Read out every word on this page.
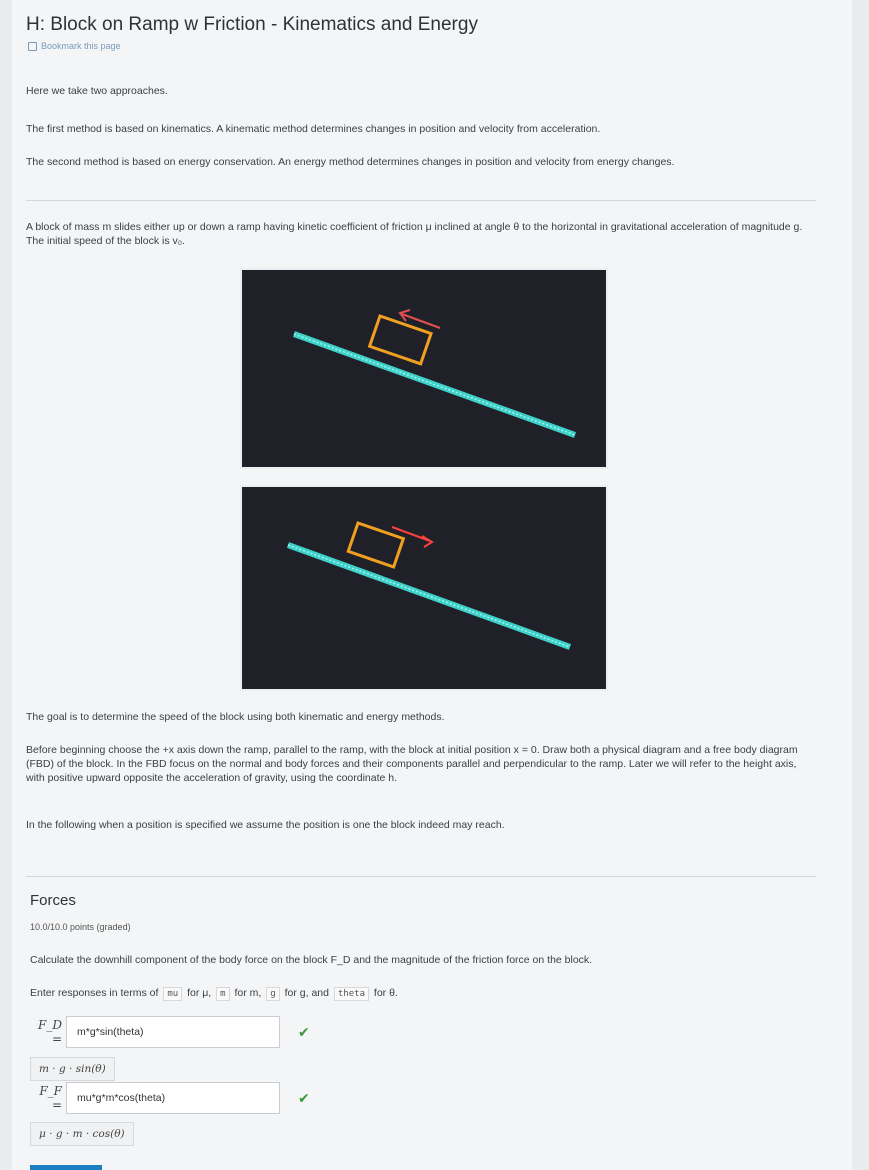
H: Block on Ramp w Friction - Kinematics and Energy
Bookmark this page
Here we take two approaches.
The first method is based on kinematics. A kinematic method determines changes in position and velocity from acceleration.
The second method is based on energy conservation. An energy method determines changes in position and velocity from energy changes.
A block of mass m slides either up or down a ramp having kinetic coefficient of friction μ inclined at angle θ to the horizontal in gravitational acceleration of magnitude g. The initial speed of the block is v₀.
The goal is to determine the speed of the block using both kinematic and energy methods.
Before beginning choose the +x axis down the ramp, parallel to the ramp, with the block at initial position x = 0. Draw both a physical diagram and a free body diagram (FBD) of the block. In the FBD focus on the normal and body forces and their components parallel and perpendicular to the ramp. Later we will refer to the height axis, with positive upward opposite the acceleration of gravity, using the coordinate h.
In the following when a position is specified we assume the position is one the block indeed may reach.
Forces
10.0/10.0 points (graded)
Calculate the downhill component of the body force on the block F_D and the magnitude of the friction force on the block.
Enter responses in terms of mu for μ, m for m, g for g, and theta for θ.
F_D =
m*g*sin(theta)	✔
m · g · sin(θ)
F_F =
mu*g*m*cos(theta)	✔
μ · g · m · cos(θ)
